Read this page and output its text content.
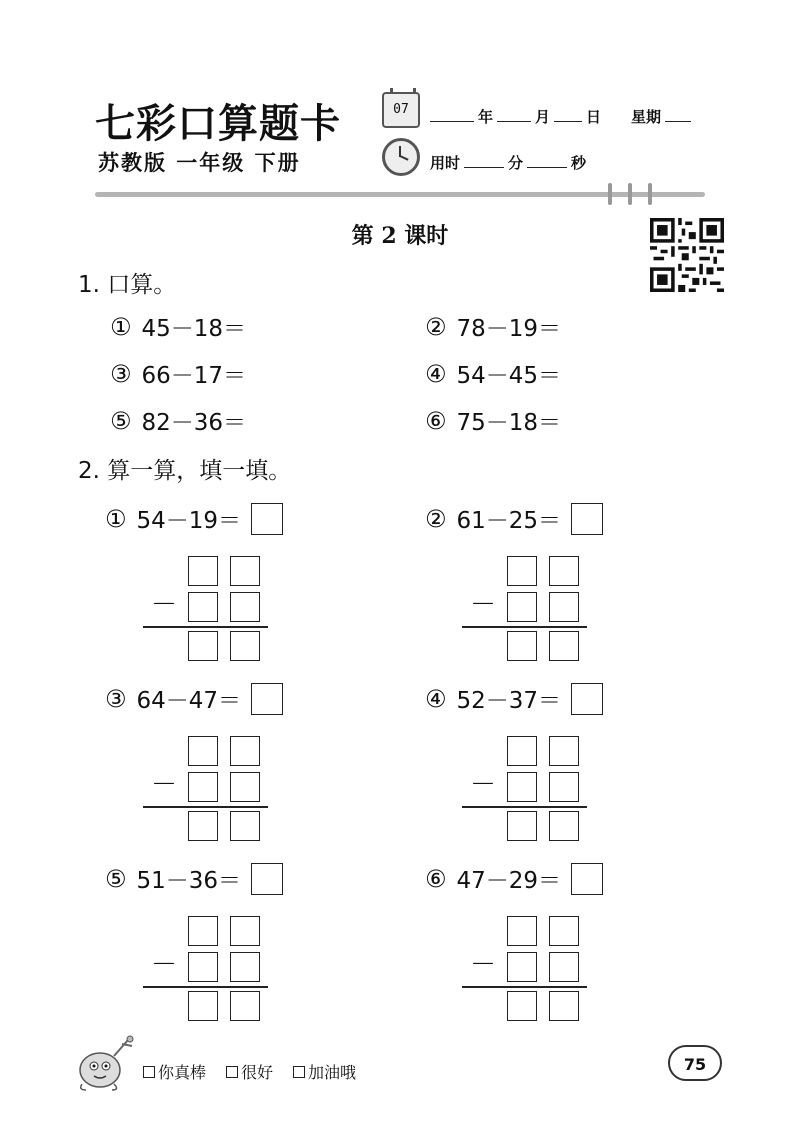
七彩口算题卡
苏教版 一年级 下册
07	年	月 日 星期
用时	分	秒
第 2 课时
1. 口算。
① 45－18＝	② 78－19＝
③ 66－17＝	④ 54－45＝
⑤ 82－36＝	⑥ 75－18＝
2. 算一算，填一填。
① 54－19＝
－
② 61－25＝
－
③ 64－47＝
－
④ 52－37＝
－
⑤ 51－36＝
－
⑥ 47－29＝
－
你真棒 很好 加油哦	75
